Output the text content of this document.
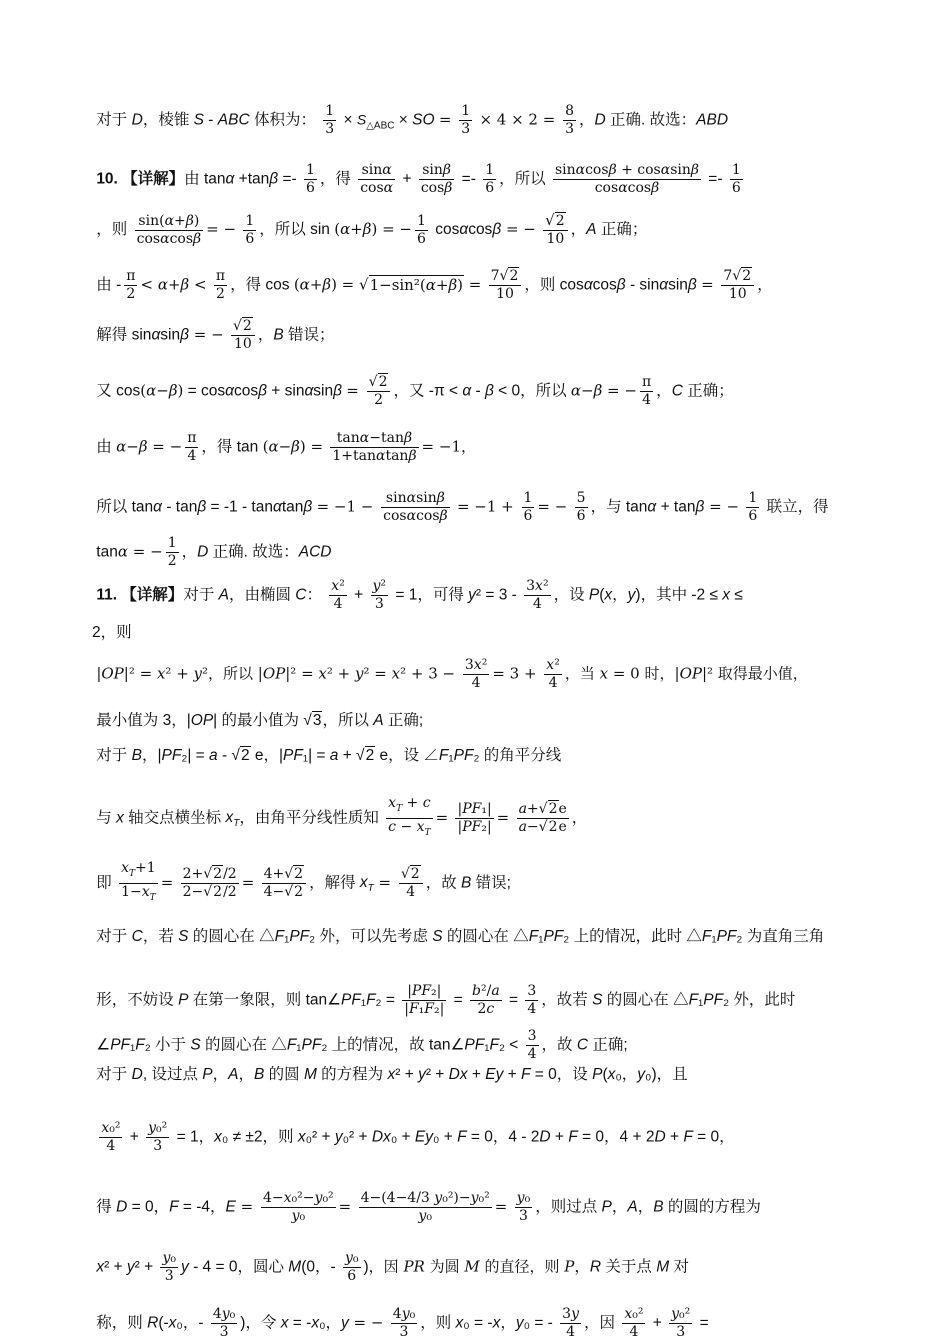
对于 D，棱锥 S - ABC 体积为： $\frac{1}{3} \times S_{\triangle ABC}$ × SO = $\frac{1}{3} \times 4 \times 2 = \frac{8}{3}$ ，D 正确. 故选：ABD
10. 【详解】由 $\tan\alpha +\tan\beta =- \frac{1}{6}$ ，得 $\frac{\sin\alpha}{\cos\alpha} + \frac{\sin\beta}{\cos\beta} =- \frac{1}{6}$ ，所以 $\frac{\sin\alpha\cos\beta + \cos\alpha\sin\beta}{\cos\alpha\cos\beta} =- \frac{1}{6}$
，则 $\frac{\sin(\alpha+\beta)}{\cos\alpha\cos\beta}$ = − $\frac{1}{6}$ ，所以 sin (α+β) = − $\frac{1}{6}$ cosαcosβ = − $\frac{√2}{10}$ ，A 正确；
由 - $\frac{\pi}{2} < \alpha+\beta < \frac{\pi}{2}$ ，得 $\cos (\alpha+\beta) = √1-\sin^2(\alpha+\beta) = \frac{7√2}{10}$ ，则 $\cos\alpha\cos\beta - \sin\alpha\sin\beta = \frac{7√2}{10}$ ，
解得 sinαsinβ = − $\frac{√2}{10}$ ，B 错误；
又 $\cos(\alpha-\beta) = \cos\alpha\cos\beta + \sin\alpha\sin\beta = \frac{√2}{2}$ ，又 -π < α - β < 0，所以 α−β = − $\frac{\pi}{4}$ ，C 正确；
由 α−β = − $\frac{\pi}{4}$ ，得 $\tan (\alpha-\beta) = \frac{\tan\alpha-\tan\beta}{1+\tan\alpha\tan\beta} = -1$，
所以 $\tan\alpha - \tan\beta = -1 - \tan\alpha\tan\beta = -1 - \frac{\sin\alpha\sin\beta}{\cos\alpha\cos\beta} = -1 + \frac{1}{6}$ = − $\frac{5}{6}$ ，与 tanα + tanβ = − $\frac{1}{6}$ 联立，得
tanα = − $\frac{1}{2}$ ，D 正确. 故选：ACD
11. 【详解】对于 A，由椭圆 C： $\frac{\text{x²}}{4} + \frac{\text{y²}}{3} = 1$，可得 $y^2 = 3 - \frac{\text{3x²}}{4}$ ，设 P(x，y)，其中 -2 ≤ x ≤
2，则
|OP|² = x² + y²，所以 $|OP|^2 = x^2 + y^2 = x^2 + 3 - \frac{\text{3x²}}{4} = 3 + \frac{\text{x²}}{4}$ ，当 x = 0 时，|OP|² 取得最小值，
最小值为 3，|OP| 的最小值为 √3，所以 A 正确;
对于 B，|PF₂| = a - √2 e，|PF₁| = a + √2 e，设 ∠F₁PF₂ 的角平分线
与 x 轴交点横坐标 $x_T$，由角平分线性质知 $\frac{x_T + c}{c - x_T} = \frac{\text{|PF₁|}}{\text{|PF₂|}} = \frac{a+√2e}{a-√2e}$ ，
即 $\frac{x_T+1}{1-x_T} = \frac{2+√2/2}{2-√2/2} = \frac{4+√2}{4-√2}$ ，解得 $x_T = \frac{√2}{4}$ ，故 B 错误;
对于 C，若 S 的圆心在 △F₁PF₂ 外，可以先考虑 S 的圆心在 △F₁PF₂ 上的情况，此时 △F₁PF₂ 为直角三角
形，不妨设 P 在第一象限，则 tan∠PF₁F₂ = $\frac{\text{|PF₂|}}{\text{|F₁F₂|}} = \frac{\text{b²/a}}{2c} = \frac{3}{4}$ ，故若 S 的圆心在 △F₁PF₂ 外，此时
∠PF₁F₂ 小于 S 的圆心在 △F₁PF₂ 上的情况，故 tan∠PF₁F₂ < $\frac{3}{4}$ ，故 C 正确;
对于 D, 设过点 P，A，B 的圆 M 的方程为 x² + y² + Dx + Ey + F = 0，设 P(x₀，y₀)，且
$\frac{\text{x₀²}}{4} + \frac{\text{y₀²}}{3} = 1$，x₀ ≠ ±2，则 x₀² + y₀² + Dx₀ + Ey₀ + F = 0，4 - 2D + F = 0，4 + 2D + F = 0，
得 D = 0，F = -4，$E = \frac{\text{4−x₀²−y₀²}}{\text{y₀}} = \frac{\text{4−(4−4/3 y₀²)−y₀²}}{\text{y₀}} = \frac{\text{y₀}}{3}$ ，则过点 P，A，B 的圆的方程为
$x^2 + y^2 + \frac{\text{y₀}}{3}$ y - 4 = 0，圆心 M(0，- $\frac{\text{y₀}}{6}$ )，因 PR 为圆 M 的直径，则 P，R 关于点 M 对
称，则 R(-x₀，- $\frac{\text{4y₀}}{3}$ )，令 x = -x₀，y = − $\frac{\text{4y₀}}{3}$ ，则 x₀ = -x，y₀ = - $\frac{3y}{4}$ ，因 $\frac{\text{x₀²}}{4} + \frac{\text{y₀²}}{3}$ =
